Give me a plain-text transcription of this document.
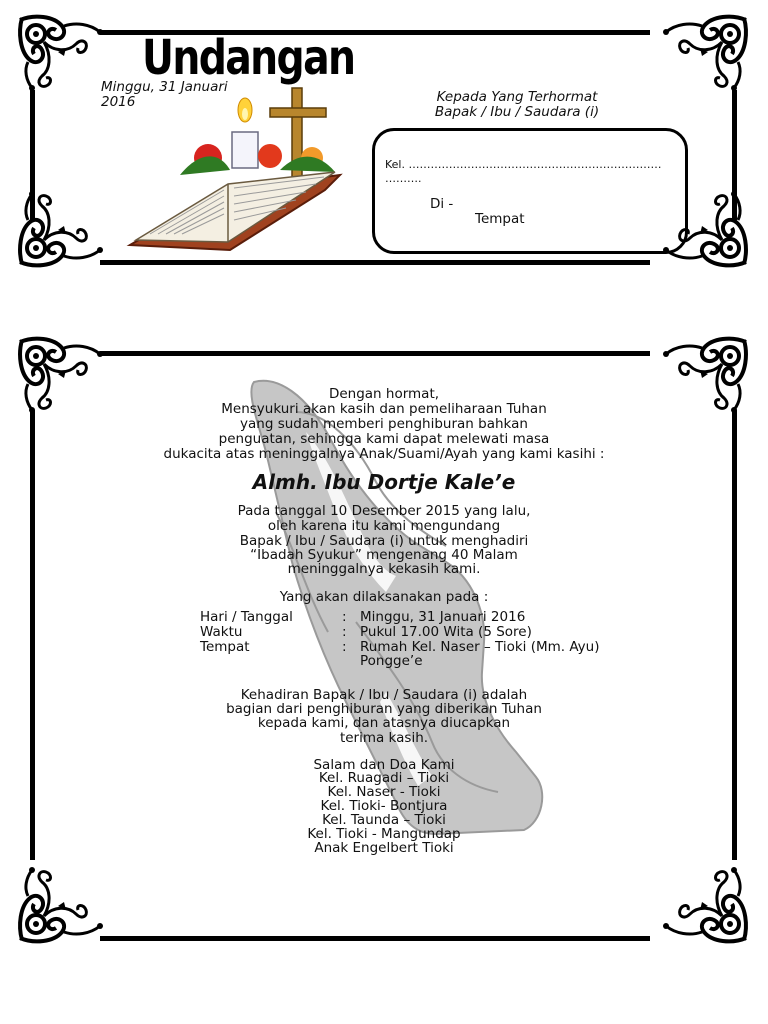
Undangan
Minggu, 31 Januari
2016	Kepada Yang Terhormat
Bapak / Ibu / Saudara (i)
Kel. ……………………………………………………………
……….
Di -
Tempat
Dengan hormat,
Mensyukuri akan kasih dan pemeliharaan Tuhan
yang sudah memberi penghiburan bahkan
penguatan, sehingga kami dapat melewati masa
dukacita atas meninggalnya Anak/Suami/Ayah yang kami kasihi :
Almh. Ibu Dortje Kale’e
Pada tanggal 10 Desember 2015 yang lalu,
oleh karena itu kami mengundang
Bapak / Ibu / Saudara (i) untuk menghadiri
“Ibadah Syukur” mengenang 40 Malam
meninggalnya kekasih kami.
Yang akan dilaksanakan pada :
Hari / Tanggal	: Minggu, 31 Januari 2016
Waktu	: Pukul 17.00 Wita (5 Sore)
Tempat	: Rumah Kel. Naser – Tioki (Mm. Ayu)
Pongge’e
Kehadiran Bapak / Ibu / Saudara (i) adalah
bagian dari penghiburan yang diberikan Tuhan
kepada kami, dan atasnya diucapkan
terima kasih.
Salam dan Doa Kami
Kel. Ruagadi – Tioki
Kel. Naser - Tioki
Kel. Tioki- Bontjura
Kel. Taunda – Tioki
Kel. Tioki - Mangundap
Anak Engelbert Tioki
